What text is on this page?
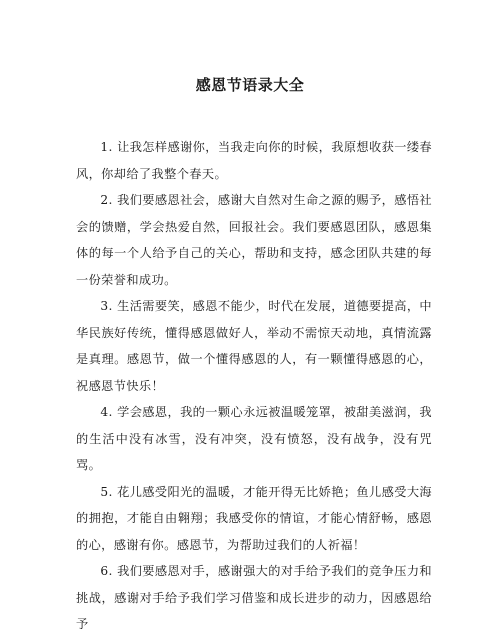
感恩节语录大全

1. 让我怎样感谢你，当我走向你的时候，我原想收获一缕春风，你却给了我整个春天。

2. 我们要感恩社会，感谢大自然对生命之源的赐予，感悟社会的馈赠，学会热爱自然，回报社会。我们要感恩团队，感恩集体的每一个人给予自己的关心，帮助和支持，感念团队共建的每一份荣誉和成功。

3. 生活需要笑，感恩不能少，时代在发展，道德要提高，中华民族好传统，懂得感恩做好人，举动不需惊天动地，真情流露是真理。感恩节，做一个懂得感恩的人，有一颗懂得感恩的心，祝感恩节快乐！

4. 学会感恩，我的一颗心永远被温暖笼罩，被甜美滋润，我的生活中没有冰雪，没有冲突，没有愤怒，没有战争，没有咒骂。

5. 花儿感受阳光的温暖，才能开得无比娇艳；鱼儿感受大海的拥抱，才能自由翱翔；我感受你的情谊，才能心情舒畅，感恩的心，感谢有你。感恩节，为帮助过我们的人祈福！

6. 我们要感恩对手，感谢强大的对手给予我们的竞争压力和挑战，感谢对手给予我们学习借鉴和成长进步的动力，因感恩给予
